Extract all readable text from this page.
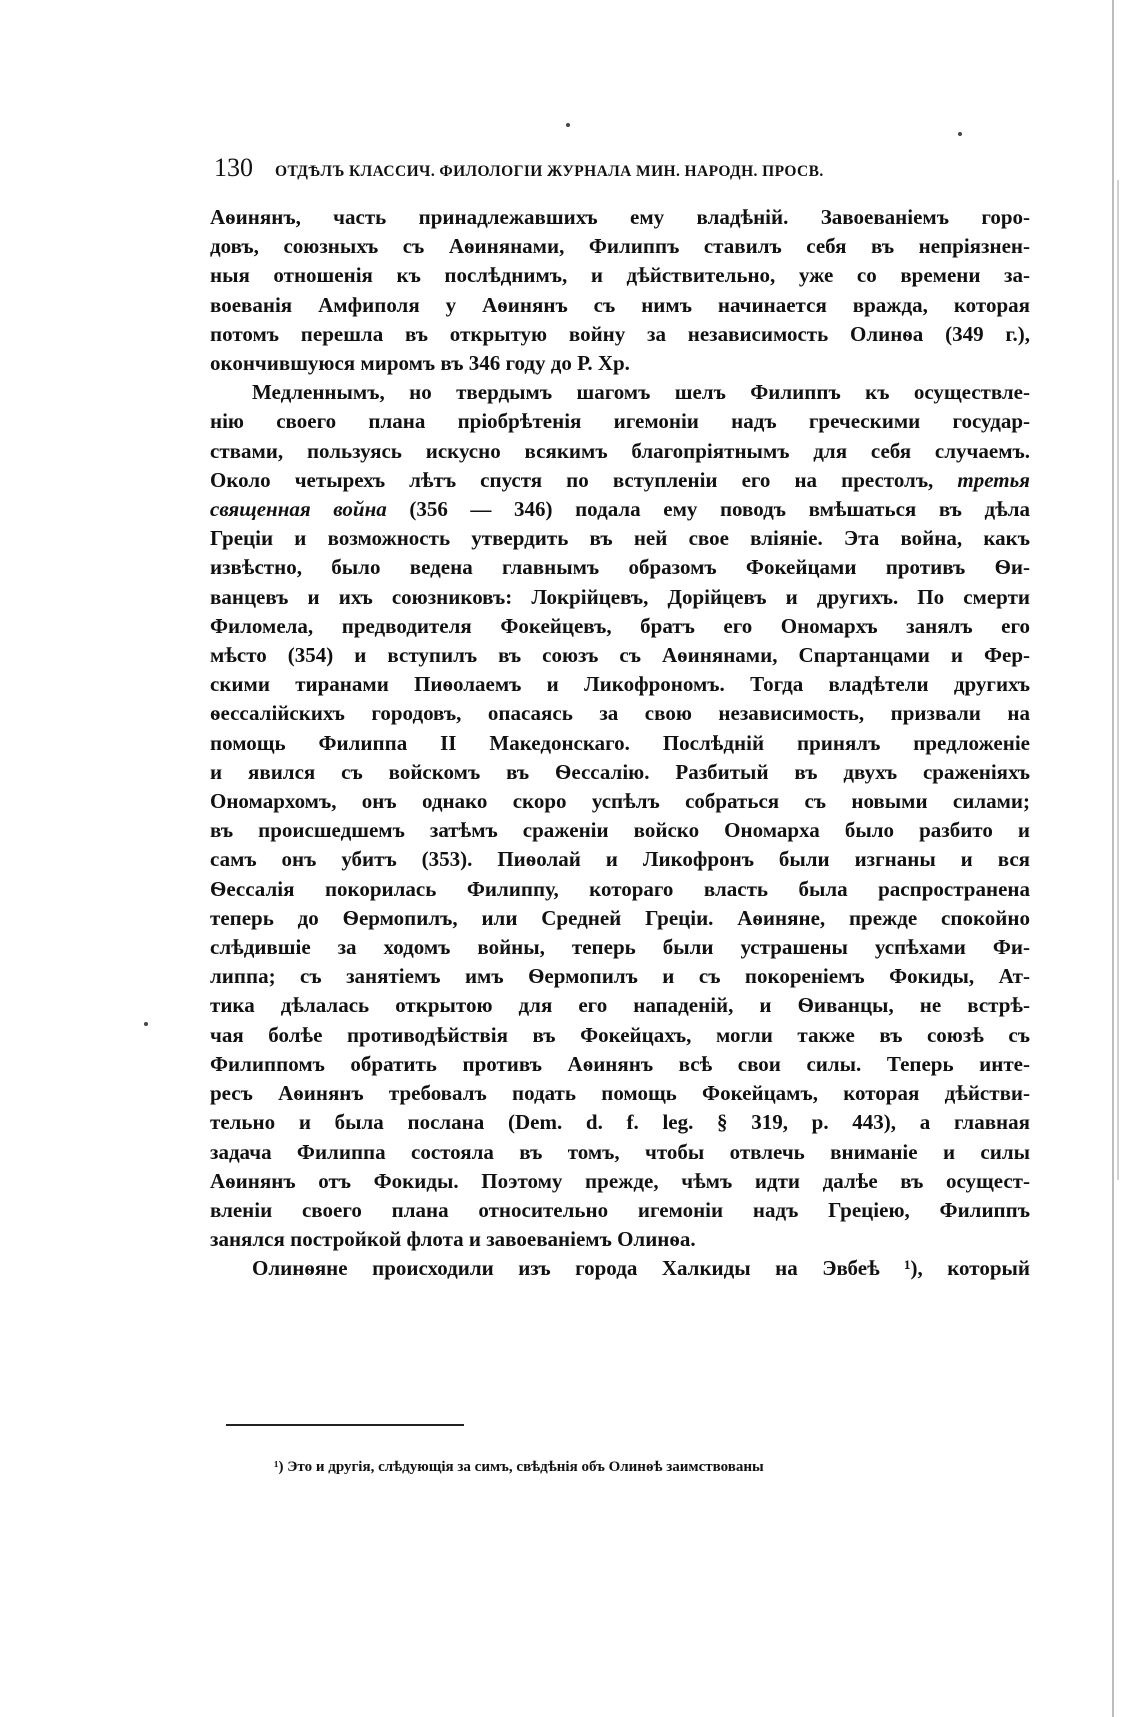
130 ОТДѢЛЪ КЛАССИЧ. ФИЛОЛОГІИ ЖУРНАЛА МИН. НАРОДН. ПРОСВ.
Аѳинянъ, часть принадлежавшихъ ему владѣній. Завоеваніемъ горо-
довъ, союзныхъ съ Аѳинянами, Филиппъ ставилъ себя въ непріязнен-
ныя отношенія къ послѣднимъ, и дѣйствительно, уже со времени за-
воеванія Амфиполя у Аѳинянъ съ нимъ начинается вражда, которая
потомъ перешла въ открытую войну за независимость Олинѳа (349 г.),
окончившуюся миромъ въ 346 году до Р. Хр.
Медленнымъ, но твердымъ шагомъ шелъ Филиппъ къ осуществле-
нію своего плана пріобрѣтенія игемоніи надъ греческими государ-
ствами, пользуясь искусно всякимъ благопріятнымъ для себя случаемъ.
Около четырехъ лѣтъ спустя по вступленіи его на престолъ, третья
священная война (356 — 346) подала ему поводъ вмѣшаться въ дѣла
Греціи и возможность утвердить въ ней свое вліяніе. Эта война, какъ
извѣстно, было ведена главнымъ образомъ Фокейцами противъ Ѳи-
ванцевъ и ихъ союзниковъ: Локрійцевъ, Дорійцевъ и другихъ. По смерти
Филомела, предводителя Фокейцевъ, братъ его Ономархъ занялъ его
мѣсто (354) и вступилъ въ союзъ съ Аѳинянами, Спартанцами и Фер-
скими тиранами Пиѳолаемъ и Ликофрономъ. Тогда владѣтели другихъ
ѳессалійскихъ городовъ, опасаясь за свою независимость, призвали на
помощь Филиппа II Македонскаго. Послѣдній принялъ предложеніе
и явился съ войскомъ въ Ѳессалію. Разбитый въ двухъ сраженіяхъ
Ономархомъ, онъ однако скоро успѣлъ собраться съ новыми силами;
въ происшедшемъ затѣмъ сраженіи войско Ономарха было разбито и
самъ онъ убитъ (353). Пиѳолай и Ликофронъ были изгнаны и вся
Ѳессалія покорилась Филиппу, котораго власть была распространена
теперь до Ѳермопилъ, или Средней Греціи. Аѳиняне, прежде спокойно
слѣдившіе за ходомъ войны, теперь были устрашены успѣхами Фи-
липпа; съ занятіемъ имъ Ѳермопилъ и съ покореніемъ Фокиды, Ат-
тика дѣлалась открытою для его нападеній, и Ѳиванцы, не встрѣ-
чая болѣе противодѣйствія въ Фокейцахъ, могли также въ союзѣ съ
Филиппомъ обратить противъ Аѳинянъ всѣ свои силы. Теперь инте-
ресъ Аѳинянъ требовалъ подать помощь Фокейцамъ, которая дѣйстви-
тельно и была послана (Dem. d. f. leg. § 319, p. 443), а главная
задача Филиппа состояла въ томъ, чтобы отвлечь вниманіе и силы
Аѳинянъ отъ Фокиды. Поэтому прежде, чѣмъ идти далѣе въ осущест-
вленіи своего плана относительно игемоніи надъ Греціею, Филиппъ
занялся постройкой флота и завоеваніемъ Олинѳа.
Олинѳяне происходили изъ города Халкиды на Эвбеѣ ¹), который
¹) Это и другія, слѣдующія за симъ, свѣдѣнія объ Олинѳѣ заимствованы
